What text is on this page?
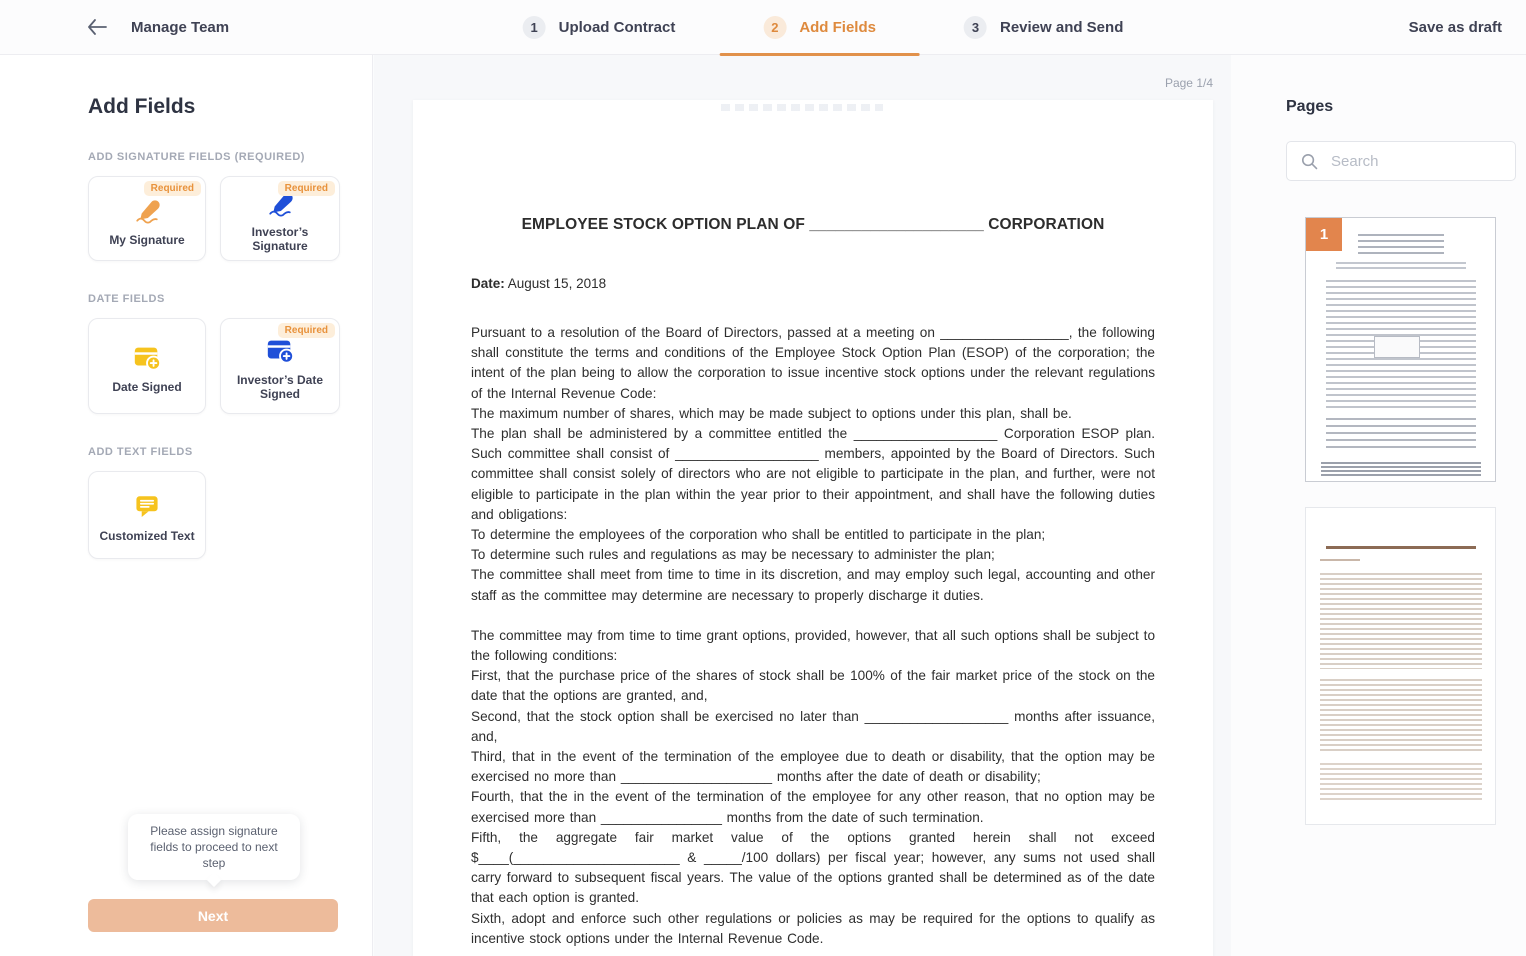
Manage Team	1	Upload Contract	2	Add Fields	3	Review and Send	Save as draft
Add Fields
ADD SIGNATURE FIELDS (REQUIRED)
Required
My Signature
Required
Investor’s Signature
DATE FIELDS
Date Signed
Required
Investor’s Date Signed
ADD TEXT FIELDS
Customized Text
Please assign signature fields to proceed to next step
Next
Page 1/4
EMPLOYEE STOCK OPTION PLAN OF ____________________ CORPORATION
Date: August 15, 2018

Pursuant to a resolution of the Board of Directors, passed at a meeting on _________________, the following shall constitute the terms and conditions of the Employee Stock Option Plan (ESOP) of the corporation; the intent of the plan being to allow the corporation to issue incentive stock options under the relevant regulations of the Internal Revenue Code:

The maximum number of shares, which may be made subject to options under this plan, shall be.

The plan shall be administered by a committee entitled the ___________________ Corporation ESOP plan. Such committee shall consist of ___________________ members, appointed by the Board of Directors. Such committee shall consist solely of directors who are not eligible to participate in the plan, and further, were not eligible to participate in the plan within the year prior to their appointment, and shall have the following duties and obligations:

To determine the employees of the corporation who shall be entitled to participate in the plan;

To determine such rules and regulations as may be necessary to administer the plan;

The committee shall meet from time to time in its discretion, and may employ such legal, accounting and other staff as the committee may determine are necessary to properly discharge it duties.

The committee may from time to time grant options, provided, however, that all such options shall be subject to the following conditions:

First, that the purchase price of the shares of stock shall be 100% of the fair market price of the stock on the date that the options are granted, and,

Second, that the stock option shall be exercised no later than ___________________ months after issuance, and,

Third, that in the event of the termination of the employee due to death or disability, that the option may be exercised no more than ____________________ months after the date of death or disability;

Fourth, that the in the event of the termination of the employee for any other reason, that no option may be exercised more than ________________ months from the date of such termination.

Fifth, the aggregate fair market value of the options granted herein shall not exceed $____(______________________ & _____/100 dollars) per fiscal year; however, any sums not used shall carry forward to subsequent fiscal years. The value of the options granted shall be determined as of the date that each option is granted.

Sixth, adopt and enforce such other regulations or policies as may be required for the options to qualify as incentive stock options under the Internal Revenue Code.

Pages
Search
1
